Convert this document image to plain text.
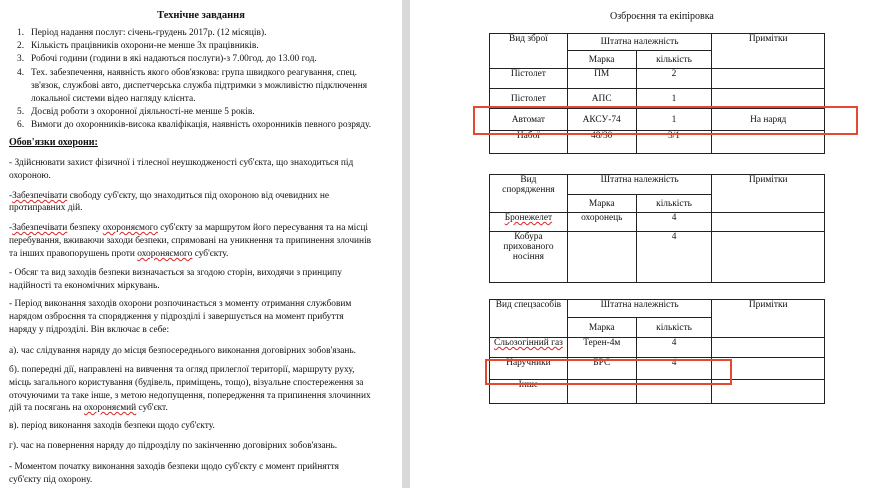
Технiчне завдання
1. Період надання послуг: січень-грудень 2017р. (12 місяців).
2. Кількість працівників охорони-не менше 3х працівників.
3. Робочі години (години в які надаються послуги)-з 7.00год. до 13.00 год.
4. Тех. забезпечення, наявність якого обов'язкова: група швидкого реагування, спец.
зв'язок, службові авто, диспетчерська служба підтримки з можливістю підключення
локальної системи відео нагляду клієнта.
5. Досвід роботи з охоронної діяльності-не менше 5 років.
6. Вимоги до охоронників-висока кваліфікація, наявність охоронників певного розряду.
Обов'язки охорони:
- Здійснювати захист фізичної і тілесної неушкодженості суб'єкта, що знаходиться під
охороною.
-Забезпечівати свободу суб'єкту, що знаходиться під охороною від очевидних не
протиправних дій.
-Забезпечівати безпеку охороняємого суб'єкту за маршрутом його пересування та на місці
перебування, вживаючи заходи безпеки, спрямовані на уникнення та припинення злочинів
та інших правопорушень проти охороняємого суб'єкту.
- Обсяг та вид заходів безпеки визначається за згодою сторін, виходячи з принципу
надійності та економічних міркувань.
- Період виконання заходів охорони розпочинається з моменту отримання службовим
нарядом озброєння та спорядження у підрозділі і завершується на момент прибуття
наряду у підрозділі. Він включає в себе:
а). час слідування наряду до місця безпосереднього виконання договірних зобов'язань.
б). попередні дії, направлені на вивчення та огляд прилеглої території, маршруту руху,
місць загального користування (будівель, приміщень, тощо), візуальне спостереження за
оточуючими та таке інше, з метою недопущення, попередження та припинення злочинних
дій та посягань на охороняємий суб'єкт.
в). період виконання заходів безпеки щодо суб'єкту.
г). час на повернення наряду до підрозділу по закінченню договірних зобов'язань.
- Моментом початку виконання заходів безпеки щодо суб'єкту є момент прийняття
суб'єкту під охорону.
Озброєння та екіпіровка
Вид зброї	Штатна належність		Примітки
	Марка	кількість	
Пістолет	ПМ	2	
Пістолет	АПС	1	
Автомат	АКСУ-74	1	На наряд
Набої	48/30	3/1	
Вид
спорядження	Штатна належність		Примітки
	Марка	кількість	
Бронежелет	охоронець	4	

Кобура
прихованого
носіння		4	
Вид спецзасобів	Штатна належність		Примітки
	Марка	кількість	
Сльозогінний газ	Терен-4м	4	
Наручники	БРС	4	
Інше			
